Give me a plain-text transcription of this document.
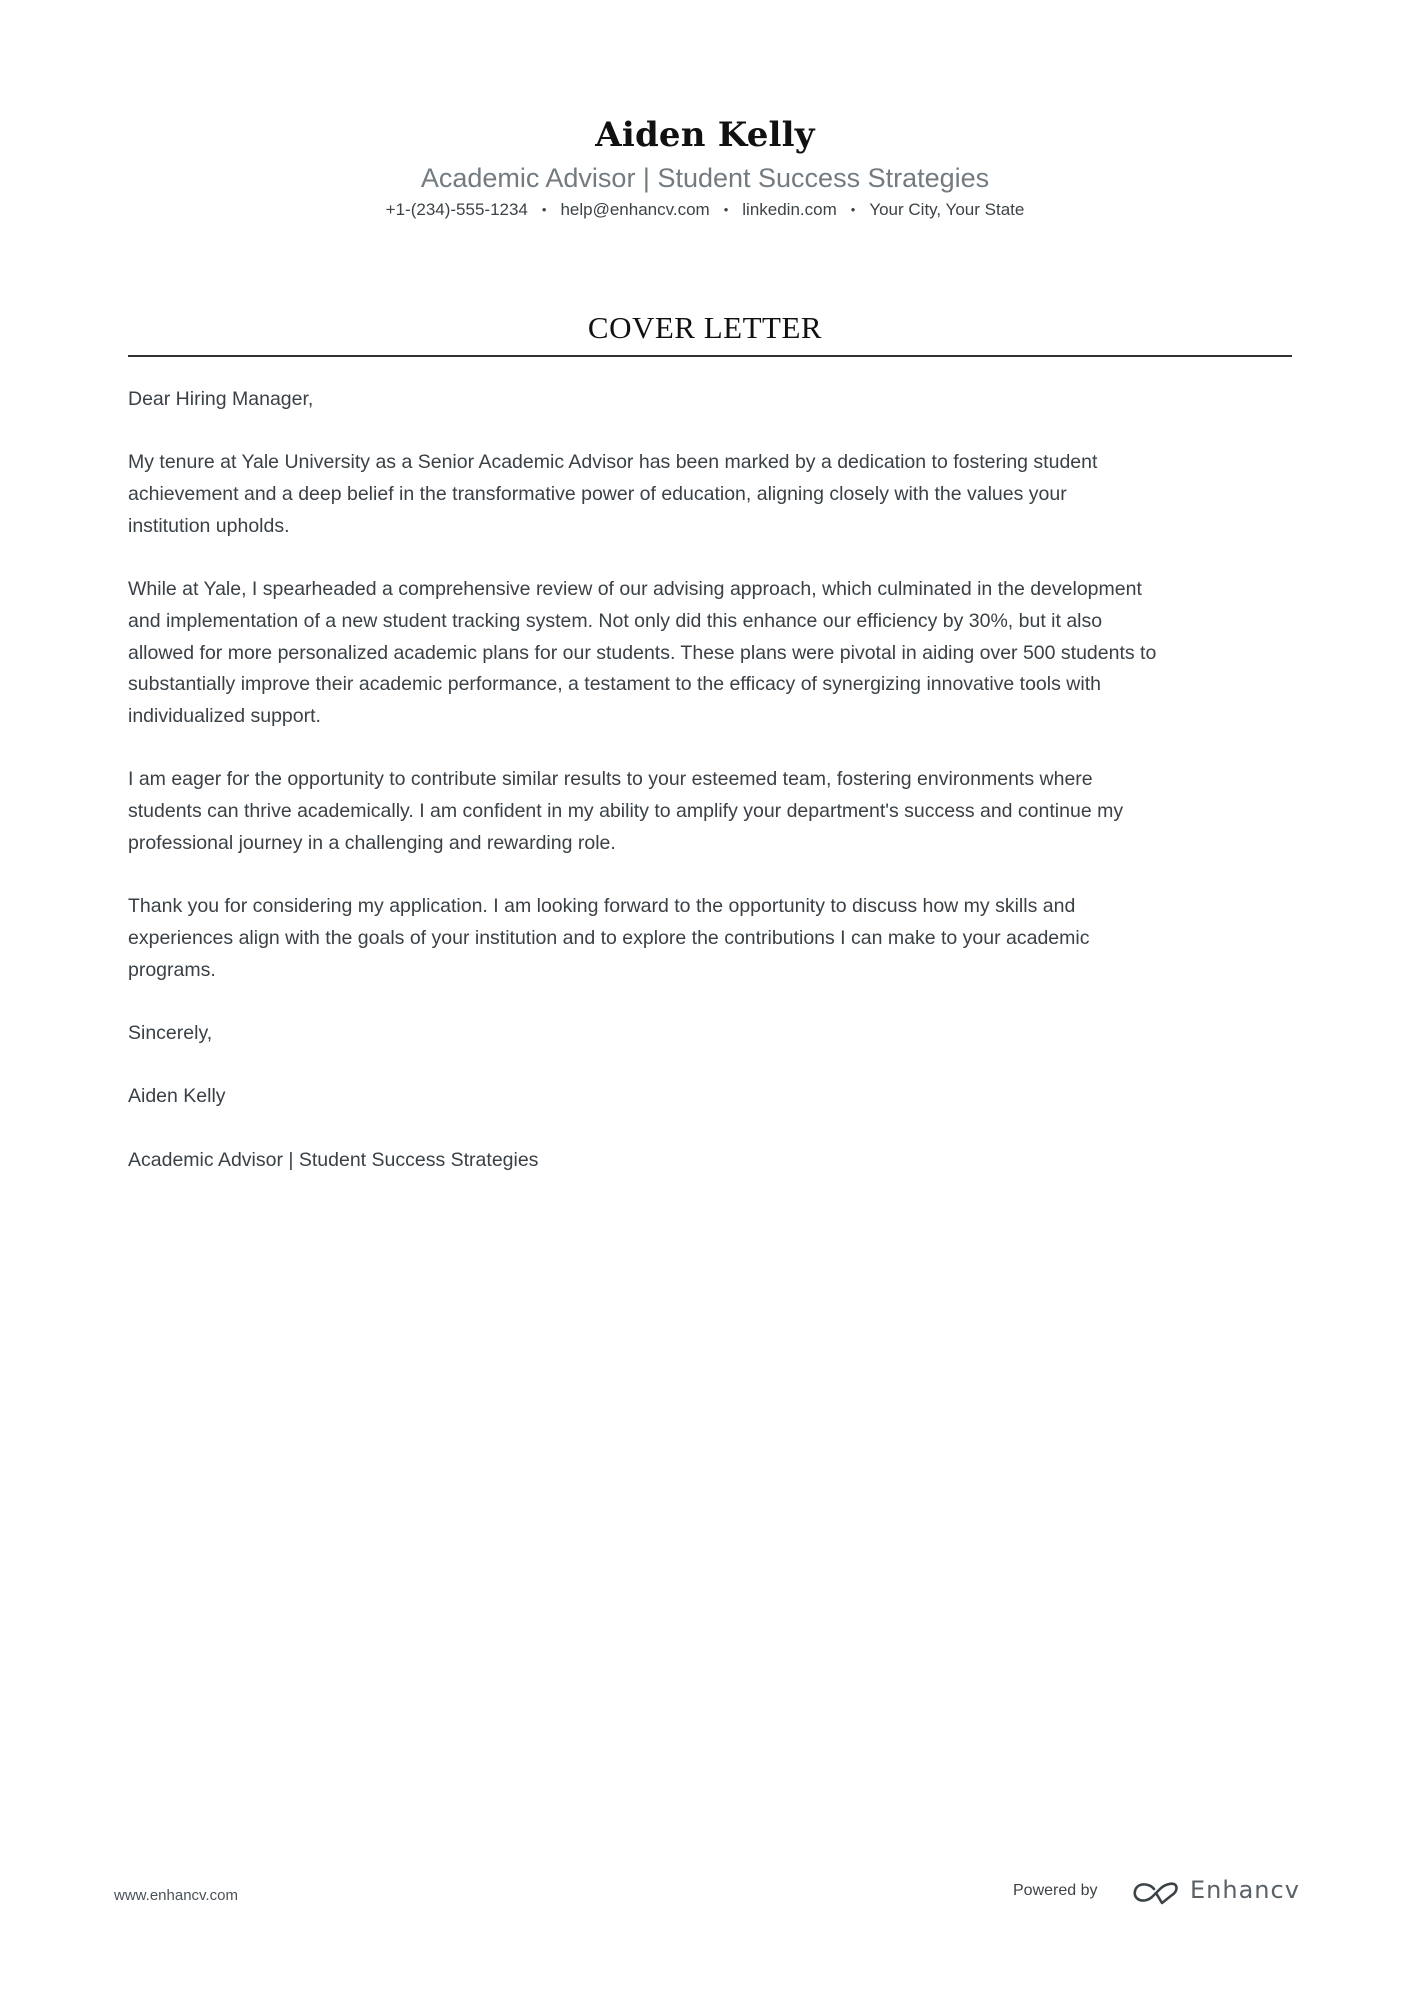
Aiden Kelly
Academic Advisor | Student Success Strategies
+1-(234)-555-1234 • help@enhancv.com • linkedin.com • Your City, Your State
COVER LETTER
Dear Hiring Manager,
My tenure at Yale University as a Senior Academic Advisor has been marked by a dedication to fostering student
achievement and a deep belief in the transformative power of education, aligning closely with the values your
institution upholds.
While at Yale, I spearheaded a comprehensive review of our advising approach, which culminated in the development
and implementation of a new student tracking system. Not only did this enhance our efficiency by 30%, but it also
allowed for more personalized academic plans for our students. These plans were pivotal in aiding over 500 students to
substantially improve their academic performance, a testament to the efficacy of synergizing innovative tools with
individualized support.
I am eager for the opportunity to contribute similar results to your esteemed team, fostering environments where
students can thrive academically. I am confident in my ability to amplify your department's success and continue my
professional journey in a challenging and rewarding role.
Thank you for considering my application. I am looking forward to the opportunity to discuss how my skills and
experiences align with the goals of your institution and to explore the contributions I can make to your academic
programs.
Sincerely,
Aiden Kelly
Academic Advisor | Student Success Strategies
www.enhancv.com	Powered by	Enhancv
